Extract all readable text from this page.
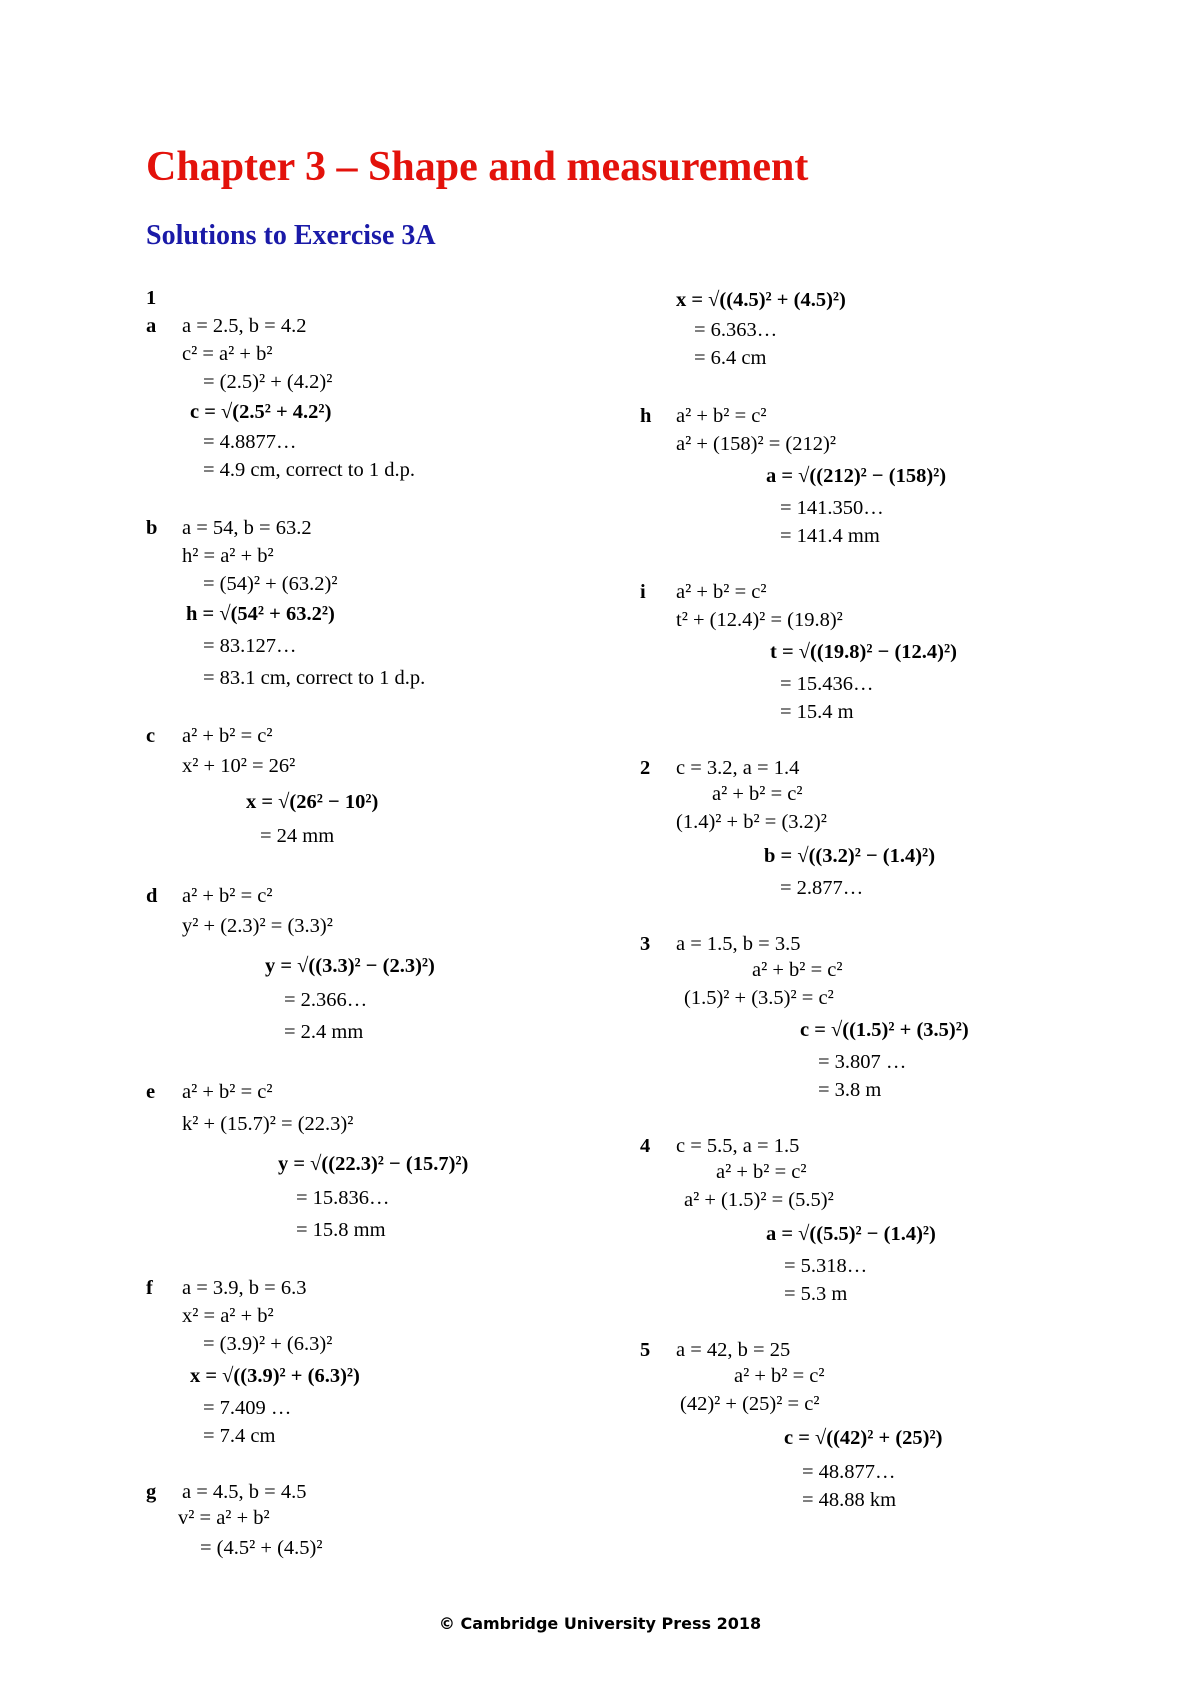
Chapter 3 – Shape and measurement
Solutions to Exercise 3A
1
a a = 2.5, b = 4.2
c² = a² + b²
= (2.5)² + (4.2)²
c = √(2.5² + 4.2²)
= 4.8877…
= 4.9 cm, correct to 1 d.p.
b a = 54, b = 63.2
h² = a² + b²
= (54)² + (63.2)²
h = √(54² + 63.2²)
= 83.127…
= 83.1 cm, correct to 1 d.p.
c a² + b² = c²
x² + 10² = 26²
x = √(26² − 10²)
= 24 mm
d a² + b² = c²
y² + (2.3)² = (3.3)²
y = √((3.3)² − (2.3)²)
= 2.366…
= 2.4 mm
e a² + b² = c²
k² + (15.7)² = (22.3)²
y = √((22.3)² − (15.7)²)
= 15.836…
= 15.8 mm
f a = 3.9, b = 6.3
x² = a² + b²
= (3.9)² + (6.3)²
x = √((3.9)² + (6.3)²)
= 7.409 …
= 7.4 cm
g a = 4.5, b = 4.5
v² = a² + b²
= (4.5² + (4.5)²
x = √((4.5)² + (4.5)²)
= 6.363…
= 6.4 cm
h a² + b² = c²
a² + (158)² = (212)²
a = √((212)² − (158)²)
= 141.350…
= 141.4 mm
i a² + b² = c²
t² + (12.4)² = (19.8)²
t = √((19.8)² − (12.4)²)
= 15.436…
= 15.4 m
2 c = 3.2, a = 1.4
a² + b² = c²
(1.4)² + b² = (3.2)²
b = √((3.2)² − (1.4)²)
= 2.877…
3 a = 1.5, b = 3.5
a² + b² = c²
(1.5)² + (3.5)² = c²
c = √((1.5)² + (3.5)²)
= 3.807 …
= 3.8 m
4 c = 5.5, a = 1.5
a² + b² = c²
a² + (1.5)² = (5.5)²
a = √((5.5)² − (1.4)²)
= 5.318…
= 5.3 m
5 a = 42, b = 25
a² + b² = c²
(42)² + (25)² = c²
c = √((42)² + (25)²)
= 48.877…
= 48.88 km
© Cambridge University Press 2018
